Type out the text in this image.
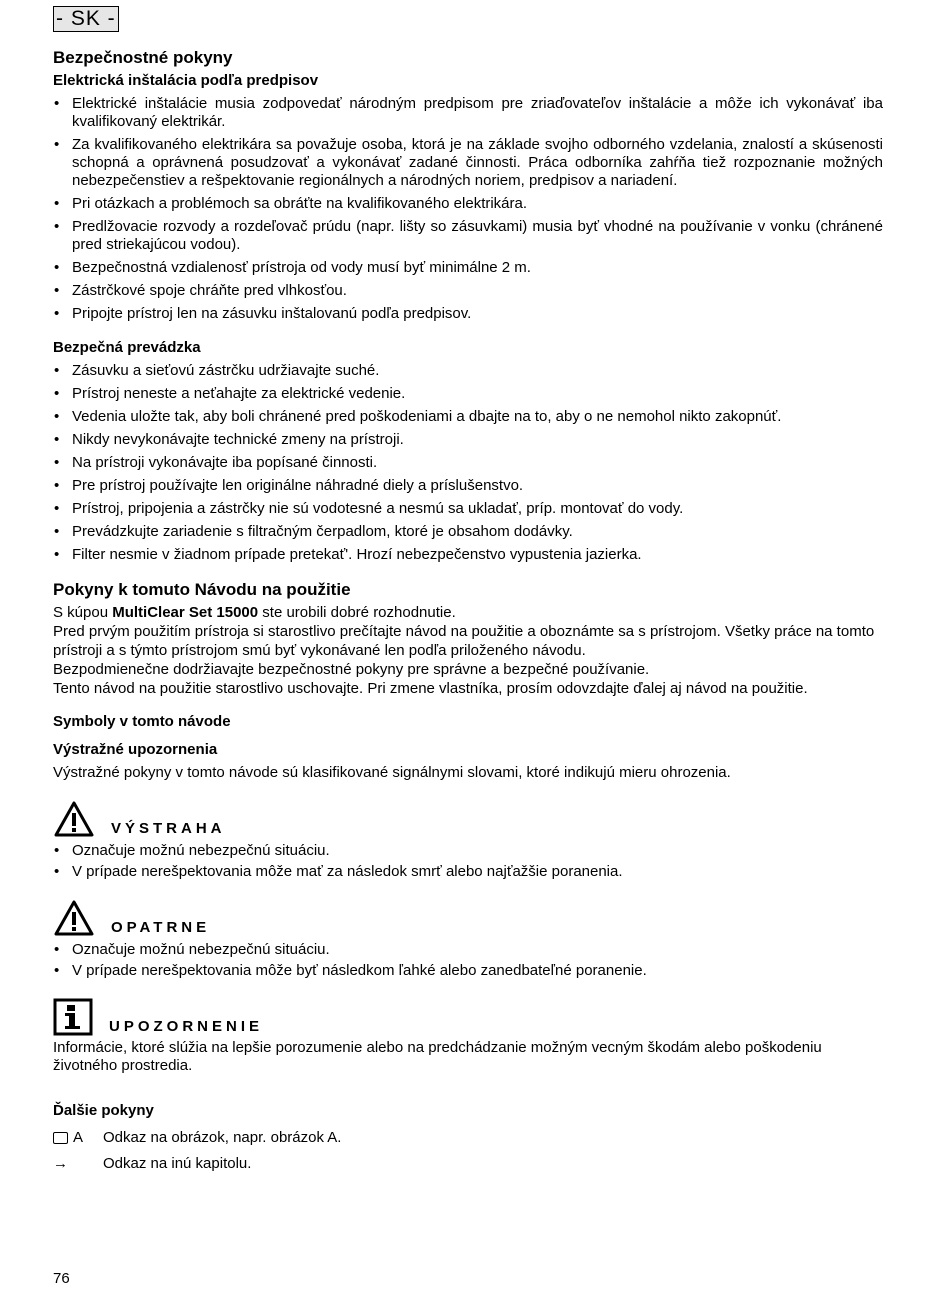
- SK -
Bezpečnostné pokyny
Elektrická inštalácia podľa predpisov
• Elektrické inštalácie musia zodpovedať národným predpisom pre zriaďovateľov inštalácie a môže ich vykonávať iba kvalifikovaný elektrikár.
• Za kvalifikovaného elektrikára sa považuje osoba, ktorá je na základe svojho odborného vzdelania, znalostí a skúsenosti schopná a oprávnená posudzovať a vykonávať zadané činnosti. Práca odborníka zahŕňa tiež rozpoznanie možných nebezpečenstiev a rešpektovanie regionálnych a národných noriem, predpisov a nariadení.
• Pri otázkach a problémoch sa obráťte na kvalifikovaného elektrikára.
• Predlžovacie rozvody a rozdeľovač prúdu (napr. lišty so zásuvkami) musia byť vhodné na používanie v vonku (chránené pred striekajúcou vodou).
• Bezpečnostná vzdialenosť prístroja od vody musí byť minimálne 2 m.
• Zástrčkové spoje chráňte pred vlhkosťou.
• Pripojte prístroj len na zásuvku inštalovanú podľa predpisov.
Bezpečná prevádzka
• Zásuvku a sieťovú zástrčku udržiavajte suché.
• Prístroj neneste a neťahajte za elektrické vedenie.
• Vedenia uložte tak, aby boli chránené pred poškodeniami a dbajte na to, aby o ne nemohol nikto zakopnúť.
• Nikdy nevykonávajte technické zmeny na prístroji.
• Na prístroji vykonávajte iba popísané činnosti.
• Pre prístroj používajte len originálne náhradné diely a príslušenstvo.
• Prístroj, pripojenia a zástrčky nie sú vodotesné a nesmú sa ukladať, príp. montovať do vody.
• Prevádzkujte zariadenie s filtračným čerpadlom, ktoré je obsahom dodávky.
• Filter nesmie v žiadnom prípade pretekať'. Hrozí nebezpečenstvo vypustenia jazierka.
Pokyny k tomuto Návodu na použitie

S kúpou MultiClear Set 15000 ste urobili dobré rozhodnutie.

Pred prvým použitím prístroja si starostlivo prečítajte návod na použitie a oboznámte sa s prístrojom. Všetky práce na tomto prístroji a s týmto prístrojom smú byť vykonávané len podľa priloženého návodu.

Bezpodmienečne dodržiavajte bezpečnostné pokyny pre správne a bezpečné používanie.

Tento návod na použitie starostlivo uschovajte. Pri zmene vlastníka, prosím odovzdajte ďalej aj návod na použitie.

Symboly v tomto návode
Výstražné upozornenia

Výstražné pokyny v tomto návode sú klasifikované signálnymi slovami, ktoré indikujú mieru ohrozenia.

VÝSTRAHA
• Označuje možnú nebezpečnú situáciu.
• V prípade nerešpektovania môže mať za následok smrť alebo najťažšie poranenia.
OPATRNE
• Označuje možnú nebezpečnú situáciu.
• V prípade nerešpektovania môže byť následkom ľahké alebo zanedbateľné poranenie.
UPOZORNENIE

Informácie, ktoré slúžia na lepšie porozumenie alebo na predchádzanie možným vecným škodám alebo poškodeniu životného prostredia.

Ďalšie pokyny
A Odkaz na obrázok, napr. obrázok A.
→ Odkaz na inú kapitolu.
76
